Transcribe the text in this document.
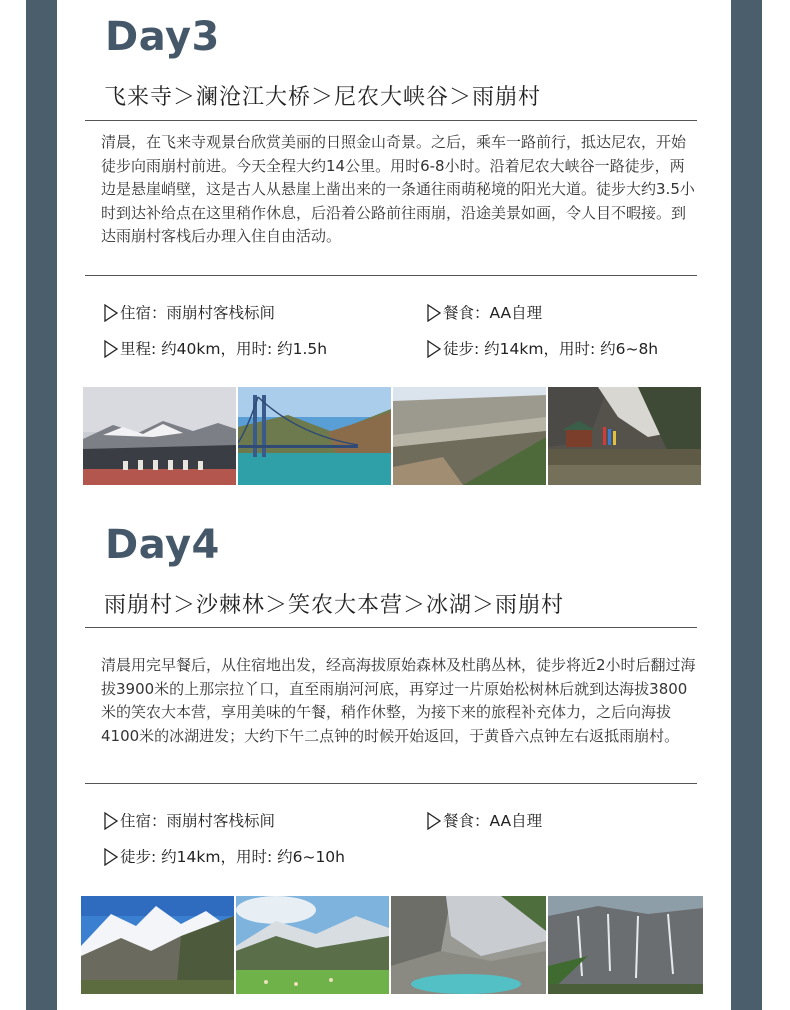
Day3
飞来寺＞澜沧江大桥＞尼农大峡谷＞雨崩村
清晨，在飞来寺观景台欣赏美丽的日照金山奇景。之后，乘车一路前行，抵达尼农，开始徒步向雨崩村前进。今天全程大约14公里。用时6-8小时。沿着尼农大峡谷一路徒步，两边是悬崖峭壁，这是古人从悬崖上凿出来的一条通往雨萌秘境的阳光大道。徒步大约3.5小时到达补给点在这里稍作休息，后沿着公路前往雨崩，沿途美景如画，令人目不暇接。到达雨崩村客栈后办理入住自由活动。
住宿：雨崩村客栈标间	餐食：AA自理
里程: 约40km，用时: 约1.5h	徒步: 约14km，用时: 约6~8h
Day4
雨崩村＞沙棘林＞笑农大本营＞冰湖＞雨崩村
清晨用完早餐后，从住宿地出发，经高海拔原始森林及杜鹃丛林，徒步将近2小时后翻过海拔3900米的上那宗拉丫口，直至雨崩河河底，再穿过一片原始松树林后就到达海拔3800米的笑农大本营，享用美味的午餐，稍作休整，为接下来的旅程补充体力，之后向海拔4100米的冰湖进发；大约下午二点钟的时候开始返回，于黄昏六点钟左右返抵雨崩村。
住宿：雨崩村客栈标间	餐食：AA自理
徒步: 约14km，用时: 约6~10h
